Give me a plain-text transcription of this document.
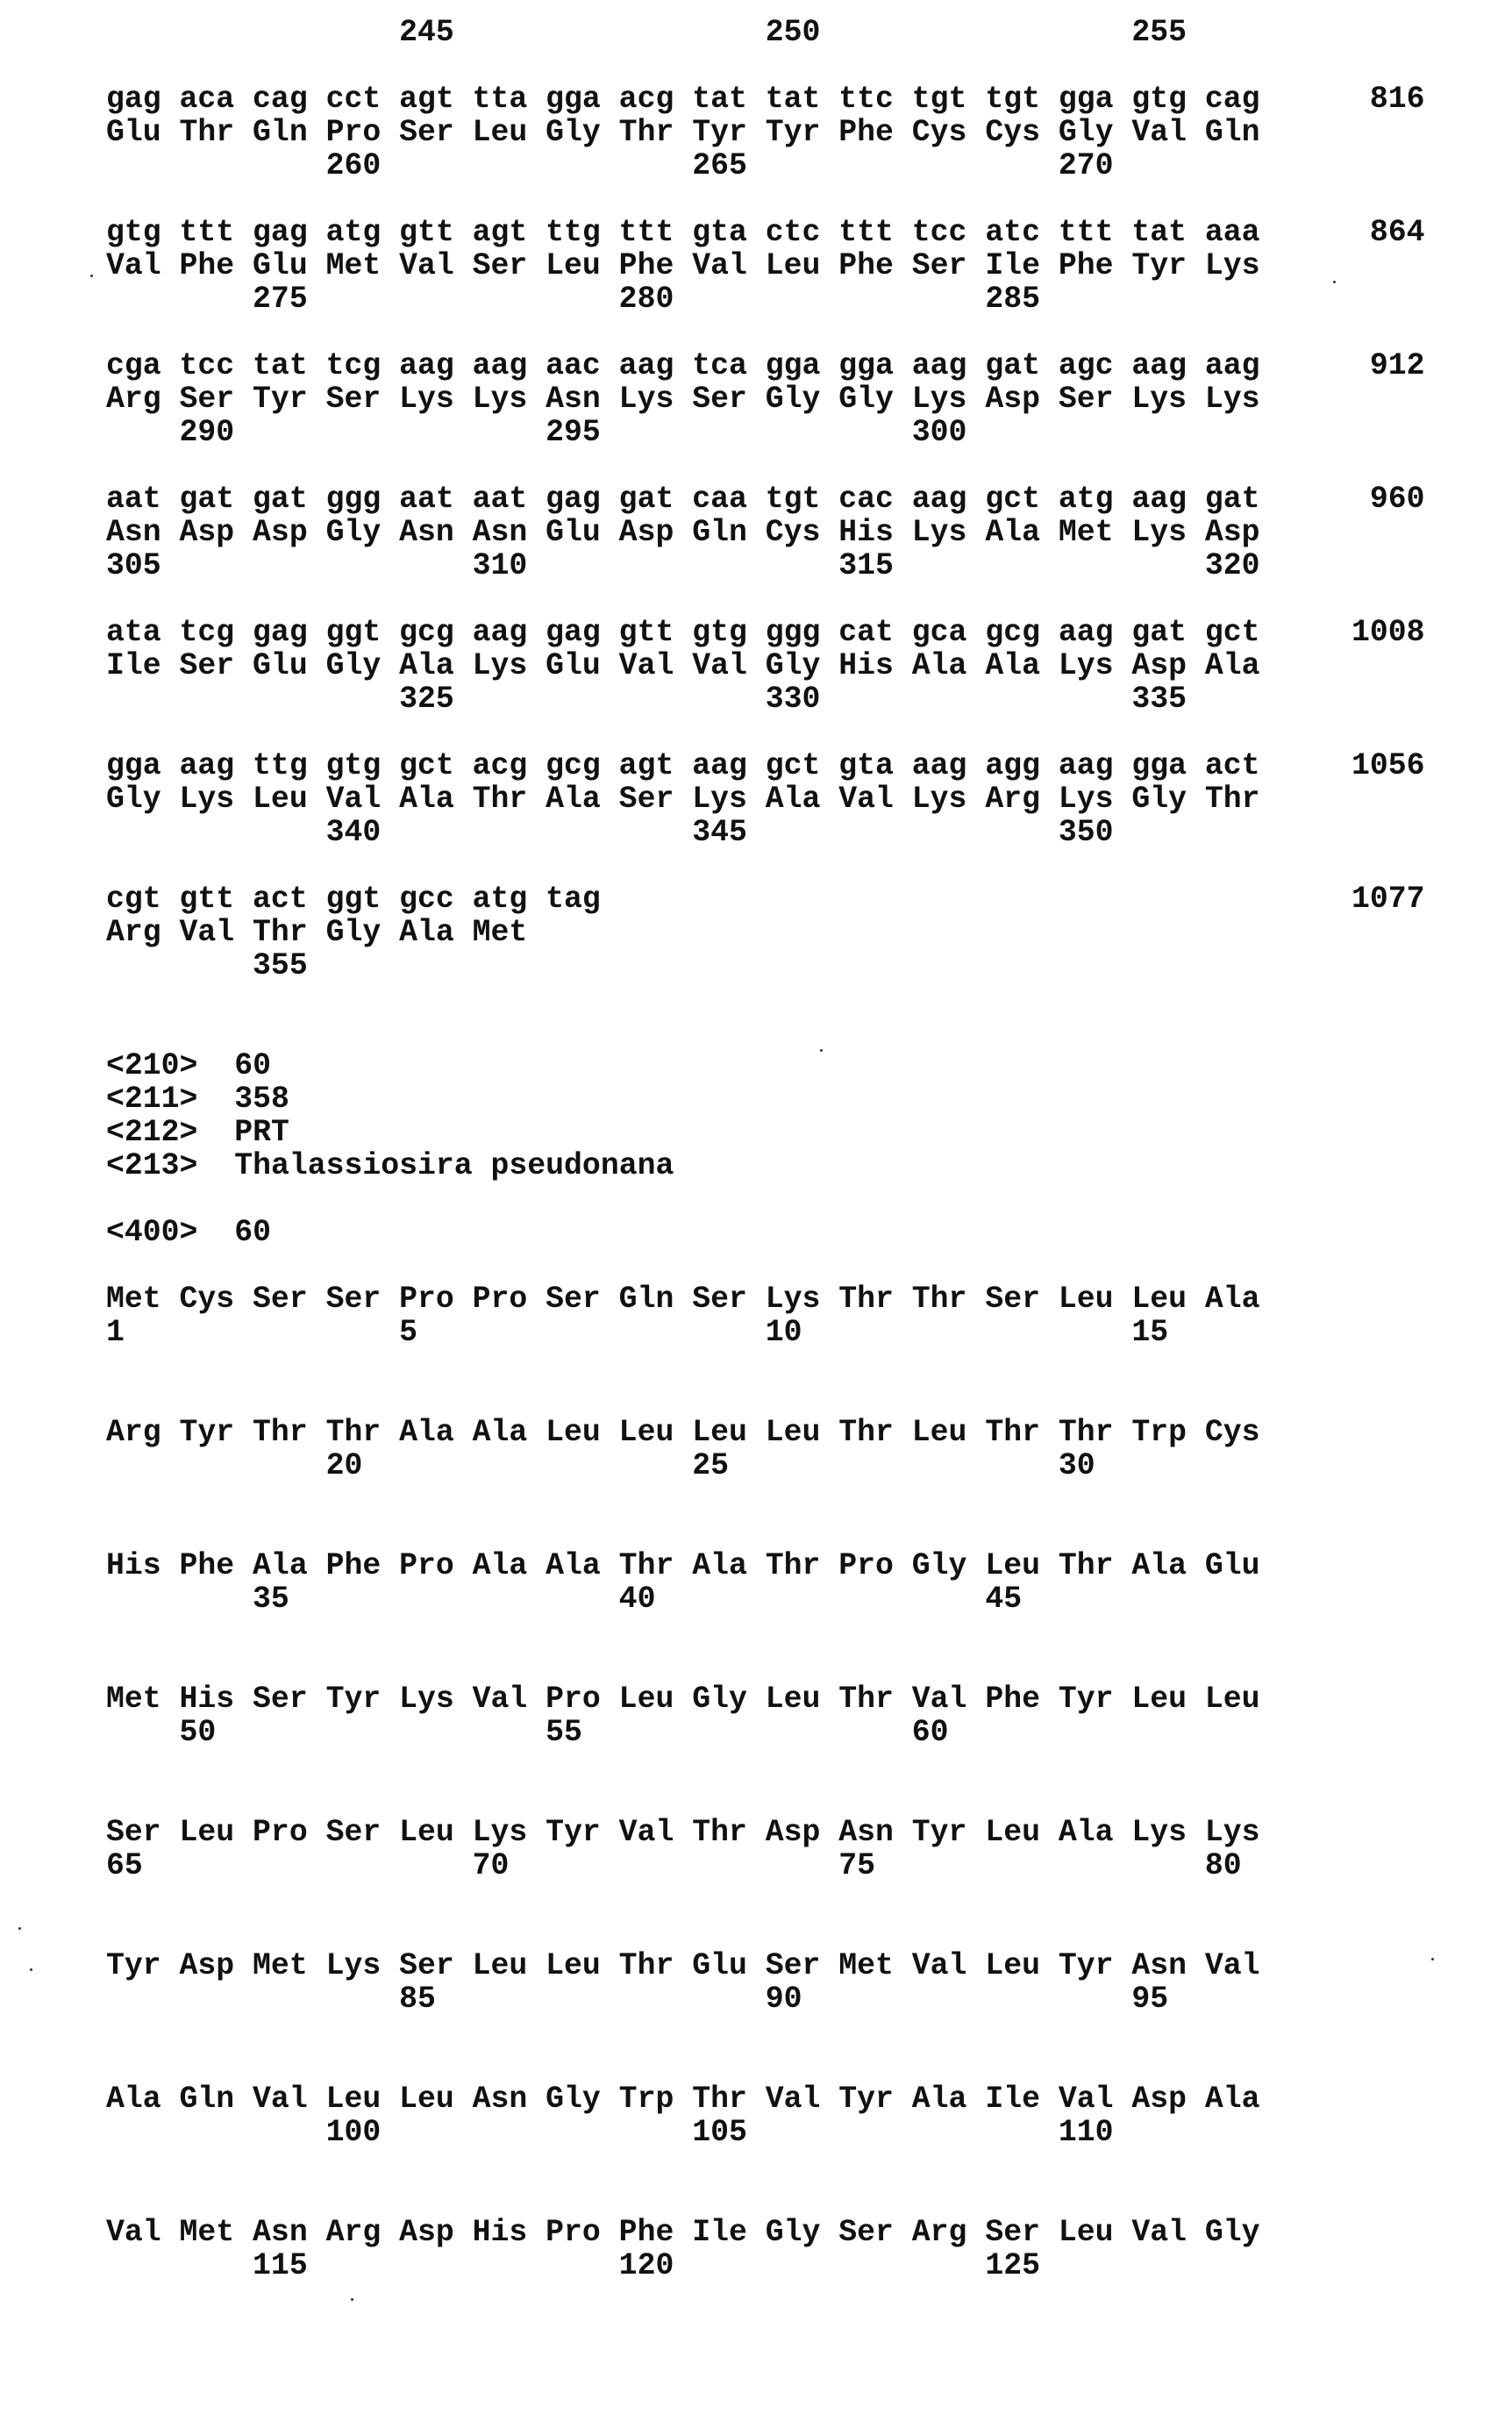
245                 250                 255
gag aca cag cct agt tta gga acg tat tat ttc tgt tgt gga gtg cag	816
Glu Thr Gln Pro Ser Leu Gly Thr Tyr Tyr Phe Cys Cys Gly Val Gln
260                 265                 270
gtg ttt gag atg gtt agt ttg ttt gta ctc ttt tcc atc ttt tat aaa	864
Val Phe Glu Met Val Ser Leu Phe Val Leu Phe Ser Ile Phe Tyr Lys
275                 280                 285
cga tcc tat tcg aag aag aac aag tca gga gga aag gat agc aag aag	912
Arg Ser Tyr Ser Lys Lys Asn Lys Ser Gly Gly Lys Asp Ser Lys Lys
290                 295                 300
aat gat gat ggg aat aat gag gat caa tgt cac aag gct atg aag gat	960
Asn Asp Asp Gly Asn Asn Glu Asp Gln Cys His Lys Ala Met Lys Asp
305                 310                 315                 320
ata tcg gag ggt gcg aag gag gtt gtg ggg cat gca gcg aag gat gct	1008
Ile Ser Glu Gly Ala Lys Glu Val Val Gly His Ala Ala Lys Asp Ala
325                 330                 335
gga aag ttg gtg gct acg gcg agt aag gct gta aag agg aag gga act	1056
Gly Lys Leu Val Ala Thr Ala Ser Lys Ala Val Lys Arg Lys Gly Thr
340                 345                 350
cgt gtt act ggt gcc atg tag	1077
Arg Val Thr Gly Ala Met
355
<210> 60
<211> 358
<212> PRT
<213> Thalassiosira pseudonana
<400> 60
Met Cys Ser Ser Pro Pro Ser Gln Ser Lys Thr Thr Ser Leu Leu Ala
1               5                   10                  15
Arg Tyr Thr Thr Ala Ala Leu Leu Leu Leu Thr Leu Thr Thr Trp Cys
20                  25                  30
His Phe Ala Phe Pro Ala Ala Thr Ala Thr Pro Gly Leu Thr Ala Glu
35                  40                  45
Met His Ser Tyr Lys Val Pro Leu Gly Leu Thr Val Phe Tyr Leu Leu
50                  55                  60
Ser Leu Pro Ser Leu Lys Tyr Val Thr Asp Asn Tyr Leu Ala Lys Lys
65                  70                  75                  80
Tyr Asp Met Lys Ser Leu Leu Thr Glu Ser Met Val Leu Tyr Asn Val
85                  90                  95
Ala Gln Val Leu Leu Asn Gly Trp Thr Val Tyr Ala Ile Val Asp Ala
100                 105                 110
Val Met Asn Arg Asp His Pro Phe Ile Gly Ser Arg Ser Leu Val Gly
115                 120                 125
